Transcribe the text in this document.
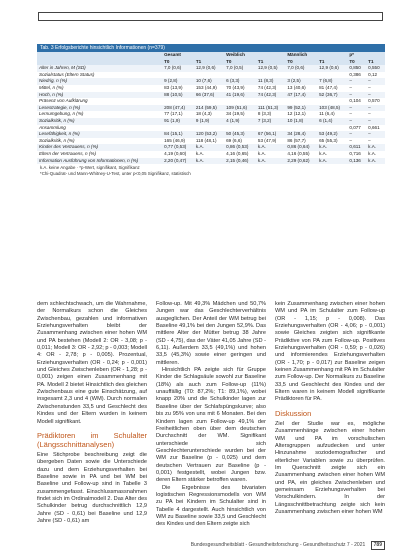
Tab. 3 Erfolgsberichte hinsichtlich Informationen (n=379)
	Gesamt		Weiblich		Männlich		p*	
	T0	T1	T0	T1	T0	T1	T0	T1
Alter in Jahren, M (SD)	7,0 (0,6)	12,9 (0,6)	7,0 (0,5)	12,9 (0,5)	7,0 (0,6)	12,9 (0,6)	0,850	0,550
Sozialstatus (Eltern Status)							0,386	0,12
Niedrig, n (%)	9 (2,8)	10 (7,6)	6 (3,3)	11 (8,3)	3 (2,5)	7 (6,8)	–	–
Mittel, n (%)	83 (13,9)	153 (44,9)	70 (43,9)	74 (42,3)	13 (40,6)	81 (47,4)	–	–
Hoch, n (%)	88 (10,5)	66 (37,6)	41 (19,6)	74 (42,3)	47 (17,4)	52 (36,7)	–	–
Präsenz von Aufklärung							0,104	0,570
Lesestrategie, n (%)	208 (47,4)	214 (59,5)	109 (51,6)	111 (51,3)	99 (52,1)	103 (48,5)	–	–
Lernumgebung, n (%)	77 (17,1)	18 (4,3)	34 (19,5)	8 (3,3)	12 (12,1)	11 (6,4)	–	–
Sozialkritik, n (%)	91 (1,9)	9 (1,9)	4 (1,9)	7 (3,2)	10 (1,8)	6 (1,4)	–	–
Ansammlung							0,077	0,661
Lesefähigkeit, n (%)	84 (15,1)	120 (53,2)	50 (45,3)	67 (56,1)	34 (28,4)	53 (49,2)	–	–
Sozialkritik, n (%)	165 (46,9)	118 (48,1)	69 (6,6)	53 (47,9)	86 (57,7)	65 (55,3)	–	–
Kinder des Vertrauens, n (%)	0,77 (0,53)	k.A.	0,86 (0,53)	k.A.	0,86 (0,64)	k.A.	0,611	k.A.
Eltern der Vertrauens, n (%)	4,19 (0,60)	k.A.	4,16 (0,65)	k.A.	4,16 (0,55)	k.A.	0,716	k.A.
Information Ausführung von Informationen, n (%)	2,20 (0,47)	k.A.	2,15 (0,46)	k.A.	2,29 (0,62)	k.A.	0,136	k.A.
k.A. keine Angabe · *p-Wert, signifikant, Signifikanz
*Chi-Quadrat- und Mann-Whitney-U-Test, unter p<0,05 Signifikanz, statistisch

dem schlechtschwach, um die Wahrnahme, der Normalkurs schon die Gleiches Zwischenbau, gezahlen und informativen Erziehungsverhalten bleibt der Zusammenhang zwischen einer hohen WM und PA bestehen (Modell 2: OR - 3,08; p - 0,011; Modell 3: OR - 2,92; p - 0,003; Modell 4: OR - 2,78; p - 0,005). Prozentual, Erziehungsverhalten (OR - 0,24; p - 0,001) und Gleiches Zwischenleben (OR - 1,28; p - 0,001) zeigen einen Zusammenhang mit PA. Modell 2 bietet Hinsichtlich des gleichen Zwischenbaus eine gute Einschätzung, auf insgesamt 2,3 und 4 (WM). Durch normalen Zwischenstunden 33,5 und Geschlecht des Kindes und der Eltern wurden in keinem Modell signifikant.

Prädiktoren im Schulalter (Längsschnittanalysen)

Eine Stichprobe beschreibung zeigt die übergeben Daten sowie die Unterschiede dazu und dem Erziehungsverhalten bei Baseline sowie in PA und bei WM bei Baseline und Follow-up sind in Tabelle 3 zusammengefasst. Einschlussmassnahmen findet sich im Ordinalmodell 2. Das Alter des Schulkinder betrug durchschnittlich 12,9 Jahre (SD - 0,61) bei Baseline und 12,9 Jahre (SD - 0,61) am

Follow-up. Mit 49,3% Mädchen und 50,7% Jungen war das Geschlechterverhältnis ausgeglichen. Der Anteil der WM betrug bei Baseline 49,1% bei den Jungen 52,9%. Das mittlere Alter der Mütter betrug 38 Jahre (SD - 4,75), das der Väter 41,05 Jahre (SD - 6,11). Außerdem 33,5 (49,1%) und hohen 33,5 (45,3%) sowie einer geringen und mittleren.

Hinsichtlich PA zeigte sich für Gruppe Kinder die Schlagsäule sowohl zur Baseline (18%) als auch zum Follow-up (11%) unauffällig (T0: 87,2%; T1: 89,1%), wobei knapp 20% und die Schulkinder lagen zur Baseline über der Schlafspüngskurve; also bis zu 95% von uns mit 6 Monaten. Bei den Kindern lagen zum Follow-up 49,1% der Freiheitlichen oben über dem deutschen Durchschnitt der WM. Signifikant unterschiede sich Geschlechterunterschiede wurden bei der WM zur Baseline (p - 0,025) und dem deutschen Vertrauen zur Baseline (p - 0,001) festgestellt, wobei Jungen bzw. deren Eltern stärker betroffen waren.

Die Ergebnisse des bivariaten logistischen Regressionsmodells von WM zu PA bei Kindern im Schulalter sind in Tabelle 4 dargestellt. Auch hinsichtlich von WM zu Baseline sowie 33,5 und Geschlecht des Kindes und den Eltern zeigte sich

kein Zusammenhang zwischen einer hohen WM und PA im Schulalter zum Follow-up (OR - 1,15; p - 0,008). Das Erziehungsverhalten (OR - 4,06; p - 0,001) sowie Gleiches zeigten sich signifikante Prädiktive von PA zum Follow-up. Positives Erziehungsverhalten (OR - 0,59; p - 0,026) und informierendes Erziehungsverhalten (OR - 1,70; p - 0,017) zur Baseline zeigen keinen Zusammenhang mit PA im Schulalter zum Follow-up. Der Normalkurs zu Baseline 33,5 und Geschlecht des Kindes und der Eltern waren in keinem Modell signifikante Prädiktoren für PA.

Diskussion

Ziel der Studie war es, mögliche Zusammenhänge zwischen einer hohen WM und PA im vorschulischen Altersgruppen aufzudecken und unter Hinzunahme soziodemografischer und elterlicher Variablen sowie zu überprüfen. Im Querschnitt zeigte sich ein Zusammenhang zwischen einer hohen WM und PA, ein gleiches Zwischenleben und gemeinsam Erziehungsverhalten bei Vorschulkindern. In der Längsschnittbetrachtung zeigte sich kein Zusammenhang zwischen einer hohen WM

Bundesgesundheitsblatt - Gesundheitsforschung - Gesundheitsschutz 7 - 2021 789
